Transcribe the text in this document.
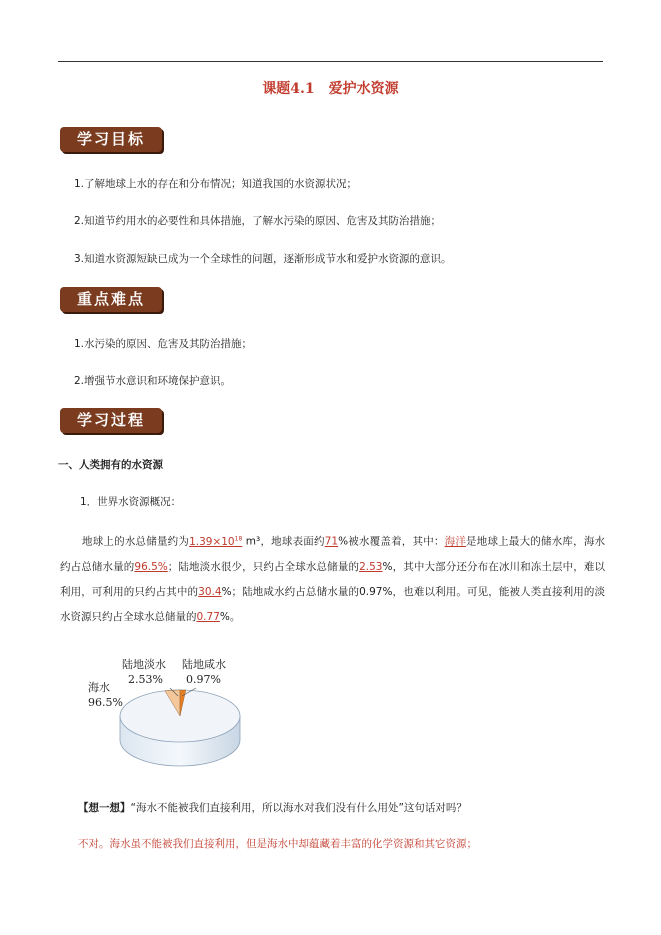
课题4.1 爱护水资源
学习目标
1.了解地球上水的存在和分布情况；知道我国的水资源状况；
2.知道节约用水的必要性和具体措施，了解水污染的原因、危害及其防治措施；
3.知道水资源短缺已成为一个全球性的问题，逐渐形成节水和爱护水资源的意识。
重点难点
1.水污染的原因、危害及其防治措施；
2.增强节水意识和环境保护意识。
学习过程
一、人类拥有的水资源
1．世界水资源概况：
地球上的水总储量约为$1.39\times 10^{18}$ m³，地球表面约71%被水覆盖着，其中：海洋是地球上最大的储水库，海水约占总储水量的96.5%；陆地淡水很少，只约占全球水总储量的2.53%，其中大部分还分布在冰川和冻土层中，难以利用，可利用的只约占其中的30.4%；陆地咸水约占总储水量的0.97%，也难以利用。可见，能被人类直接利用的淡水资源只约占全球水总储量的0.77%。
海水
96.5%
陆地淡水
2.53%
陆地咸水
0.97%
【想一想】“海水不能被我们直接利用，所以海水对我们没有什么用处”这句话对吗？
不对。海水虽不能被我们直接利用，但是海水中却蕴藏着丰富的化学资源和其它资源；
